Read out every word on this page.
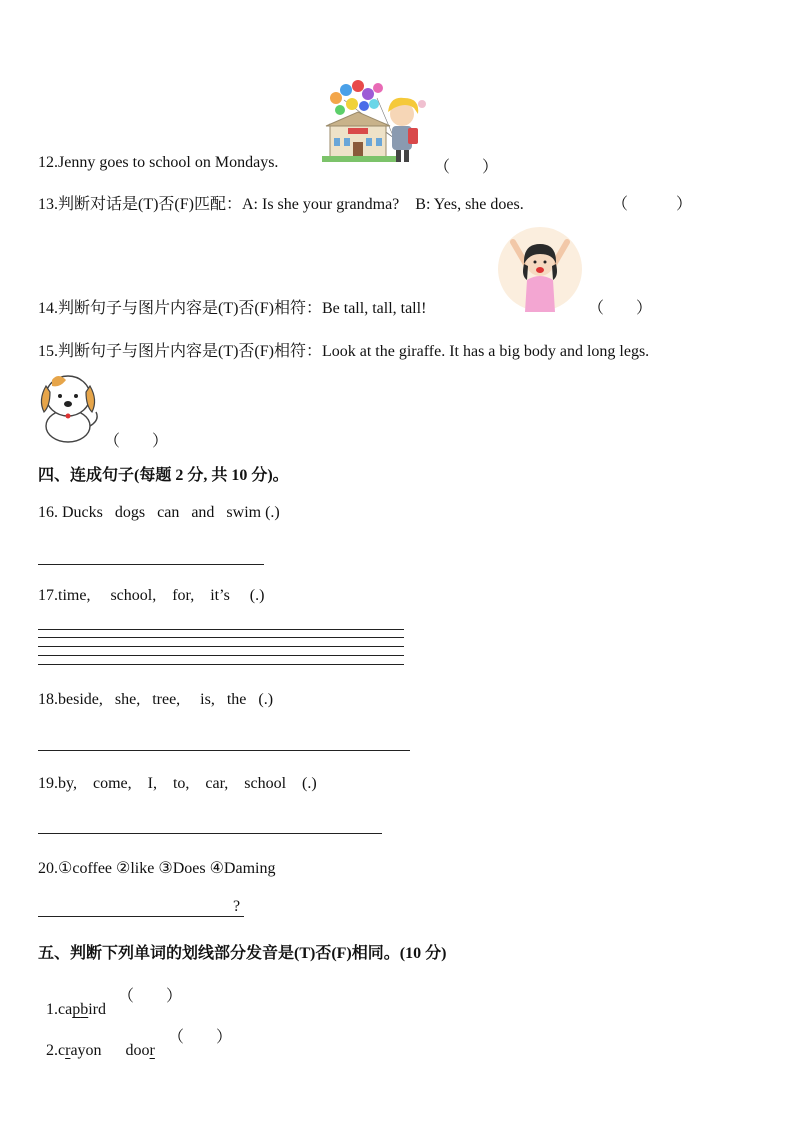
12.Jenny goes to school on Mondays.	（　　）
13.判断对话是(T)否(F)匹配：A: Is she your grandma?　B: Yes, she does.	（　　　）
14.判断句子与图片内容是(T)否(F)相符：Be tall, tall, tall!	（　　）
15.判断句子与图片内容是(T)否(F)相符：Look at the giraffe. It has a big body and long legs.
（　　）
四、连成句子(每题 2 分, 共 10 分)。
16. Ducks   dogs   can   and   swim (.)
17.time,     school,    for,    it’s     (.)
18.beside,   she,   tree,     is,   the   (.)
19.by,    come,    I,    to,    car,    school    (.)
20.①coffee ②like ③Does ④Daming
?
五、判断下列单词的划线部分发音是(T)否(F)相同。(10 分)

1.capbird

（　　）

2.crayon      door

（　　）
